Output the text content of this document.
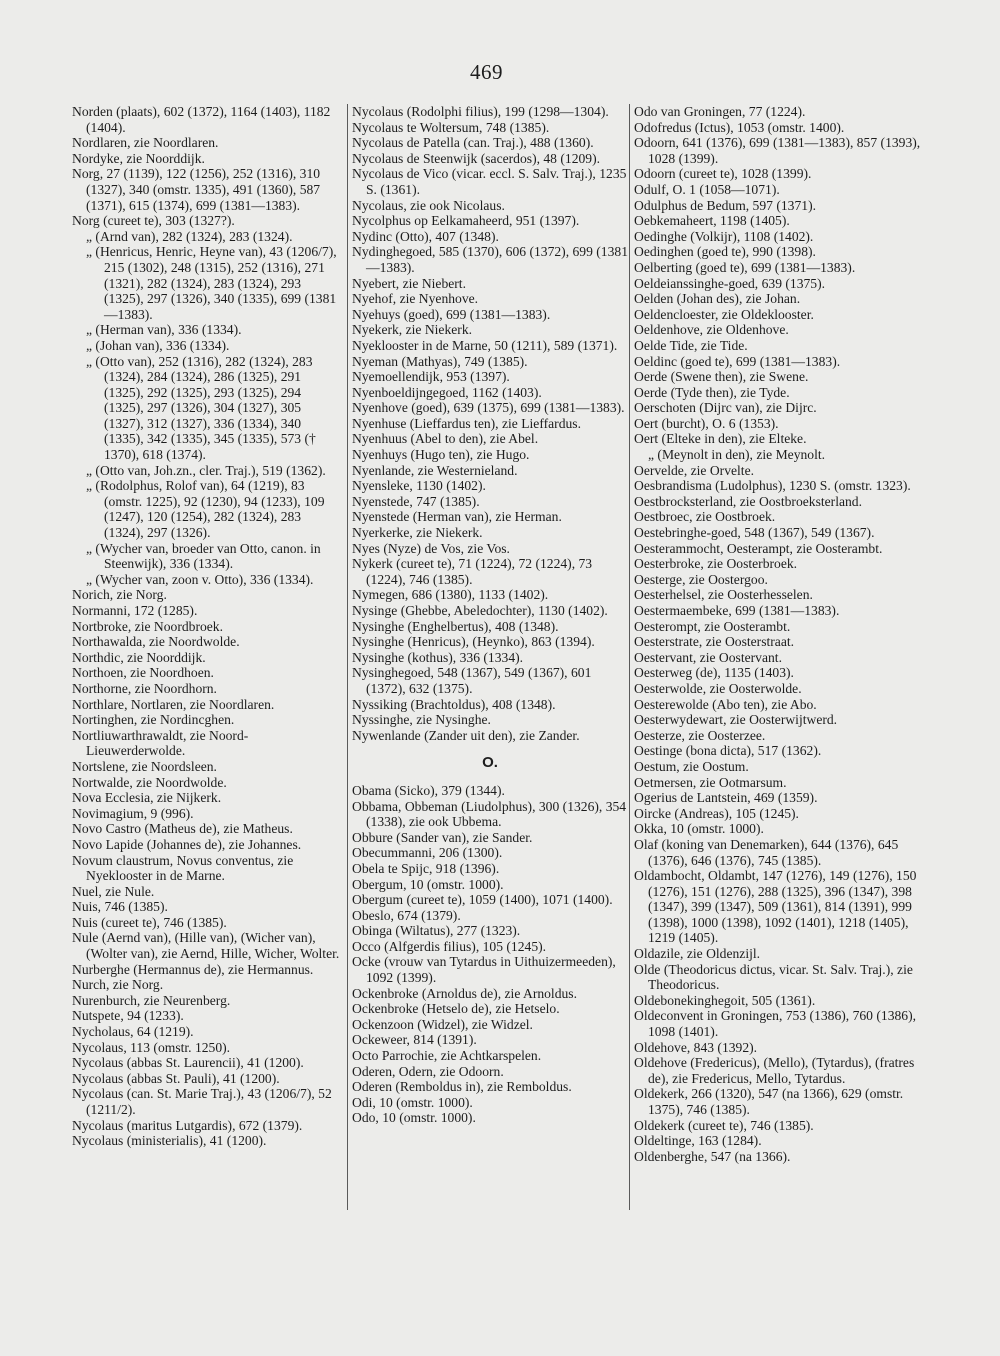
469
Norden (plaats), 602 (1372), 1164 (1403), 1182 (1404).
Nordlaren, zie Noordlaren.
Nordyke, zie Noorddijk.
Norg, 27 (1139), 122 (1256), 252 (1316), 310 (1327), 340 (omstr. 1335), 491 (1360), 587 (1371), 615 (1374), 699 (1381—1383).
Norg (cureet te), 303 (1327?).
„ (Arnd van), 282 (1324), 283 (1324).
„ (Henricus, Henric, Heyne van), 43 (1206/7), 215 (1302), 248 (1315), 252 (1316), 271 (1321), 282 (1324), 283 (1324), 293 (1325), 297 (1326), 340 (1335), 699 (1381—1383).
„ (Herman van), 336 (1334).
„ (Johan van), 336 (1334).
„ (Otto van), 252 (1316), 282 (1324), 283 (1324), 284 (1324), 286 (1325), 291 (1325), 292 (1325), 293 (1325), 294 (1325), 297 (1326), 304 (1327), 305 (1327), 312 (1327), 336 (1334), 340 (1335), 342 (1335), 345 (1335), 573 († 1370), 618 (1374).
„ (Otto van, Joh.zn., cler. Traj.), 519 (1362).
„ (Rodolphus, Rolof van), 64 (1219), 83 (omstr. 1225), 92 (1230), 94 (1233), 109 (1247), 120 (1254), 282 (1324), 283 (1324), 297 (1326).
„ (Wycher van, broeder van Otto, canon. in Steenwijk), 336 (1334).
„ (Wycher van, zoon v. Otto), 336 (1334).
Norich, zie Norg.
Normanni, 172 (1285).
Nortbroke, zie Noordbroek.
Northawalda, zie Noordwolde.
Northdic, zie Noorddijk.
Northoen, zie Noordhoen.
Northorne, zie Noordhorn.
Northlare, Nortlaren, zie Noordlaren.
Nortinghen, zie Nordincghen.
Nortliuwarthrawaldt, zie Noord-Lieuwerderwolde.
Nortslene, zie Noordsleen.
Nortwalde, zie Noordwolde.
Nova Ecclesia, zie Nijkerk.
Novimagium, 9 (996).
Novo Castro (Matheus de), zie Matheus.
Novo Lapide (Johannes de), zie Johannes.
Novum claustrum, Novus conventus, zie Nyeklooster in de Marne.
Nuel, zie Nule.
Nuis, 746 (1385).
Nuis (cureet te), 746 (1385).
Nule (Aernd van), (Hille van), (Wicher van), (Wolter van), zie Aernd, Hille, Wicher, Wolter.
Nurberghe (Hermannus de), zie Hermannus.
Nurch, zie Norg.
Nurenburch, zie Neurenberg.
Nutspete, 94 (1233).
Nycholaus, 64 (1219).
Nycolaus, 113 (omstr. 1250).
Nycolaus (abbas St. Laurencii), 41 (1200).
Nycolaus (abbas St. Pauli), 41 (1200).
Nycolaus (can. St. Marie Traj.), 43 (1206/7), 52 (1211/2).
Nycolaus (maritus Lutgardis), 672 (1379).
Nycolaus (ministerialis), 41 (1200).
Nycolaus (Rodolphi filius), 199 (1298—1304).
Nycolaus te Woltersum, 748 (1385).
Nycolaus de Patella (can. Traj.), 488 (1360).
Nycolaus de Steenwijk (sacerdos), 48 (1209).
Nycolaus de Vico (vicar. eccl. S. Salv. Traj.), 1235 S. (1361).
Nycolaus, zie ook Nicolaus.
Nycolphus op Eelkamaheerd, 951 (1397).
Nydinc (Otto), 407 (1348).
Nydinghegoed, 585 (1370), 606 (1372), 699 (1381—1383).
Nyebert, zie Niebert.
Nyehof, zie Nyenhove.
Nyehuys (goed), 699 (1381—1383).
Nyekerk, zie Niekerk.
Nyeklooster in de Marne, 50 (1211), 589 (1371).
Nyeman (Mathyas), 749 (1385).
Nyemoellendijk, 953 (1397).
Nyenboeldijngegoed, 1162 (1403).
Nyenhove (goed), 639 (1375), 699 (1381—1383).
Nyenhuse (Lieffardus ten), zie Lieffardus.
Nyenhuus (Abel to den), zie Abel.
Nyenhuys (Hugo ten), zie Hugo.
Nyenlande, zie Westernieland.
Nyensleke, 1130 (1402).
Nyenstede, 747 (1385).
Nyenstede (Herman van), zie Herman.
Nyerkerke, zie Niekerk.
Nyes (Nyze) de Vos, zie Vos.
Nykerk (cureet te), 71 (1224), 72 (1224), 73 (1224), 746 (1385).
Nymegen, 686 (1380), 1133 (1402).
Nysinge (Ghebbe, Abeledochter), 1130 (1402).
Nysinghe (Enghelbertus), 408 (1348).
Nysinghe (Henricus), (Heynko), 863 (1394).
Nysinghe (kothus), 336 (1334).
Nysinghegoed, 548 (1367), 549 (1367), 601 (1372), 632 (1375).
Nyssiking (Brachtoldus), 408 (1348).
Nyssinghe, zie Nysinghe.
Nywenlande (Zander uit den), zie Zander.
O.
Obama (Sicko), 379 (1344).
Obbama, Obbeman (Liudolphus), 300 (1326), 354 (1338), zie ook Ubbema.
Obbure (Sander van), zie Sander.
Obecummanni, 206 (1300).
Obela te Spijc, 918 (1396).
Obergum, 10 (omstr. 1000).
Obergum (cureet te), 1059 (1400), 1071 (1400).
Obeslo, 674 (1379).
Obinga (Wiltatus), 277 (1323).
Occo (Alfgerdis filius), 105 (1245).
Ocke (vrouw van Tytardus in Uithuizermeeden), 1092 (1399).
Ockenbroke (Arnoldus de), zie Arnoldus.
Ockenbroke (Hetselo de), zie Hetselo.
Ockenzoon (Widzel), zie Widzel.
Ockeweer, 814 (1391).
Octo Parrochie, zie Achtkarspelen.
Oderen, Odern, zie Odoorn.
Oderen (Remboldus in), zie Remboldus.
Odi, 10 (omstr. 1000).
Odo, 10 (omstr. 1000).
Odo van Groningen, 77 (1224).
Odofredus (Ictus), 1053 (omstr. 1400).
Odoorn, 641 (1376), 699 (1381—1383), 857 (1393), 1028 (1399).
Odoorn (cureet te), 1028 (1399).
Odulf, O. 1 (1058—1071).
Odulphus de Bedum, 597 (1371).
Oebkemaheert, 1198 (1405).
Oedinghe (Volkijr), 1108 (1402).
Oedinghen (goed te), 990 (1398).
Oelberting (goed te), 699 (1381—1383).
Oeldeianssinghe-goed, 639 (1375).
Oelden (Johan des), zie Johan.
Oeldencloester, zie Oldeklooster.
Oeldenhove, zie Oldenhove.
Oelde Tide, zie Tide.
Oeldinc (goed te), 699 (1381—1383).
Oerde (Swene then), zie Swene.
Oerde (Tyde then), zie Tyde.
Oerschoten (Dijrc van), zie Dijrc.
Oert (burcht), O. 6 (1353).
Oert (Elteke in den), zie Elteke.
„ (Meynolt in den), zie Meynolt.
Oervelde, zie Orvelte.
Oesbrandisma (Ludolphus), 1230 S. (omstr. 1323).
Oestbrocksterland, zie Oostbroeksterland.
Oestbroec, zie Oostbroek.
Oestebringhe-goed, 548 (1367), 549 (1367).
Oesterammocht, Oesterampt, zie Oosterambt.
Oesterbroke, zie Oosterbroek.
Oesterge, zie Oostergoo.
Oesterhelsel, zie Oosterhesselen.
Oestermaembeke, 699 (1381—1383).
Oesterompt, zie Oosterambt.
Oesterstrate, zie Oosterstraat.
Oestervant, zie Oostervant.
Oesterweg (de), 1135 (1403).
Oesterwolde, zie Oosterwolde.
Oesterewolde (Abo ten), zie Abo.
Oesterwydewart, zie Oosterwijtwerd.
Oesterze, zie Oosterzee.
Oestinge (bona dicta), 517 (1362).
Oestum, zie Oostum.
Oetmersen, zie Ootmarsum.
Ogerius de Lantstein, 469 (1359).
Oircke (Andreas), 105 (1245).
Okka, 10 (omstr. 1000).
Olaf (koning van Denemarken), 644 (1376), 645 (1376), 646 (1376), 745 (1385).
Oldambocht, Oldambt, 147 (1276), 149 (1276), 150 (1276), 151 (1276), 288 (1325), 396 (1347), 398 (1347), 399 (1347), 509 (1361), 814 (1391), 999 (1398), 1000 (1398), 1092 (1401), 1218 (1405), 1219 (1405).
Oldazile, zie Oldenzijl.
Olde (Theodoricus dictus, vicar. St. Salv. Traj.), zie Theodoricus.
Oldebonekinghegoit, 505 (1361).
Oldeconvent in Groningen, 753 (1386), 760 (1386), 1098 (1401).
Oldehove, 843 (1392).
Oldehove (Fredericus), (Mello), (Tytardus), (fratres de), zie Fredericus, Mello, Tytardus.
Oldekerk, 266 (1320), 547 (na 1366), 629 (omstr. 1375), 746 (1385).
Oldekerk (cureet te), 746 (1385).
Oldeltinge, 163 (1284).
Oldenberghe, 547 (na 1366).
